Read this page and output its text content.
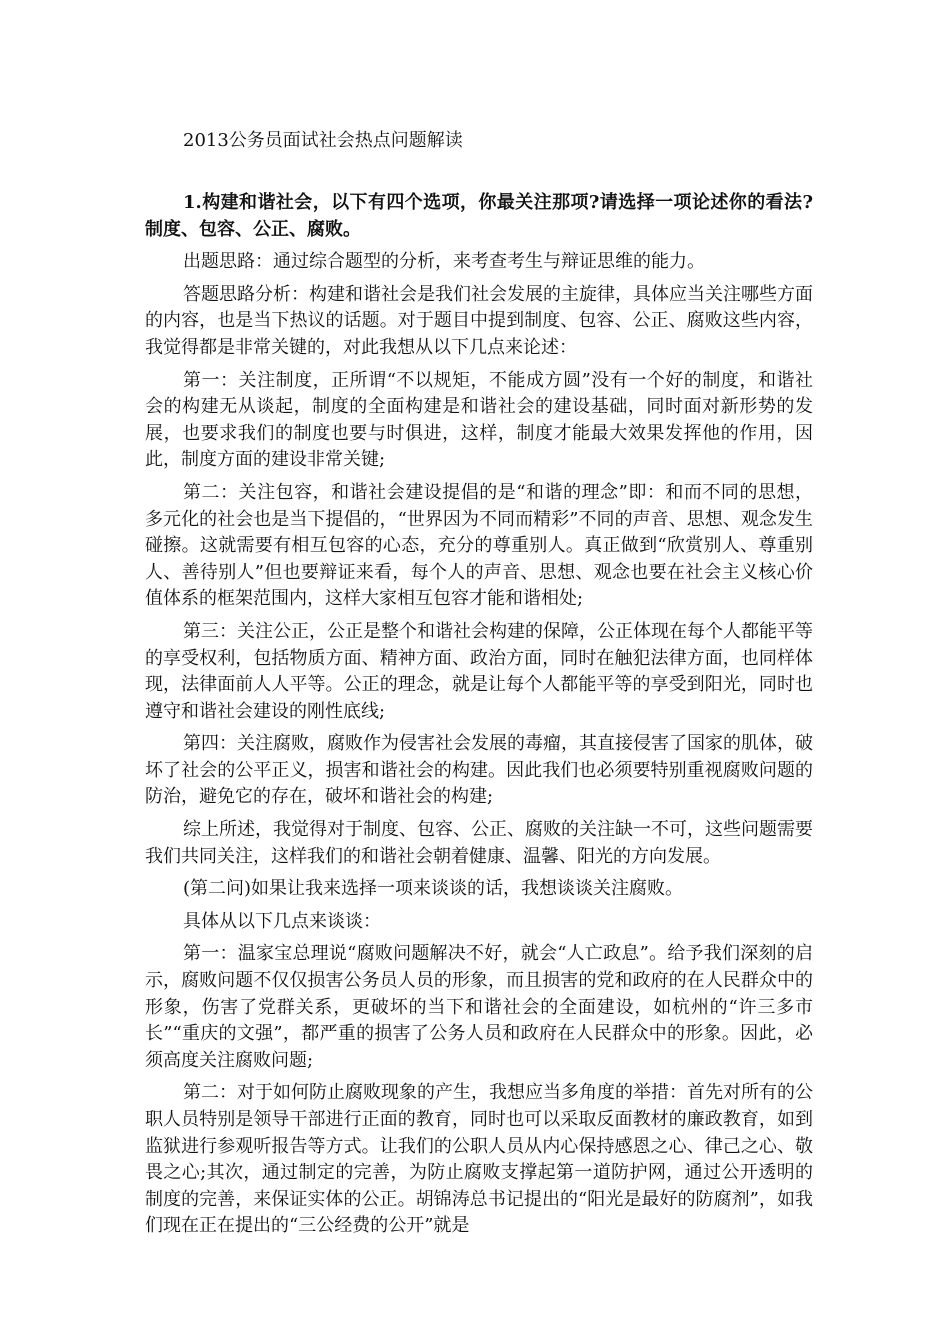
2013公务员面试社会热点问题解读

1.构建和谐社会，以下有四个选项，你最关注那项?请选择一项论述你的看法?制度、包容、公正、腐败。

出题思路：通过综合题型的分析，来考查考生与辩证思维的能力。

答题思路分析：构建和谐社会是我们社会发展的主旋律，具体应当关注哪些方面的内容，也是当下热议的话题。对于题目中提到制度、包容、公正、腐败这些内容，我觉得都是非常关键的，对此我想从以下几点来论述：

第一：关注制度，正所谓“不以规矩，不能成方圆”没有一个好的制度，和谐社会的构建无从谈起，制度的全面构建是和谐社会的建设基础，同时面对新形势的发展，也要求我们的制度也要与时俱进，这样，制度才能最大效果发挥他的作用，因此，制度方面的建设非常关键;

第二：关注包容，和谐社会建设提倡的是“和谐的理念”即：和而不同的思想，多元化的社会也是当下提倡的，“世界因为不同而精彩”不同的声音、思想、观念发生碰擦。这就需要有相互包容的心态，充分的尊重别人。真正做到“欣赏别人、尊重别人、善待别人”但也要辩证来看，每个人的声音、思想、观念也要在社会主义核心价值体系的框架范围内，这样大家相互包容才能和谐相处;

第三：关注公正，公正是整个和谐社会构建的保障，公正体现在每个人都能平等的享受权利，包括物质方面、精神方面、政治方面，同时在触犯法律方面，也同样体现，法律面前人人平等。公正的理念，就是让每个人都能平等的享受到阳光，同时也遵守和谐社会建设的刚性底线;

第四：关注腐败，腐败作为侵害社会发展的毒瘤，其直接侵害了国家的肌体，破坏了社会的公平正义，损害和谐社会的构建。因此我们也必须要特别重视腐败问题的防治，避免它的存在，破坏和谐社会的构建;

综上所述，我觉得对于制度、包容、公正、腐败的关注缺一不可，这些问题需要我们共同关注，这样我们的和谐社会朝着健康、温馨、阳光的方向发展。

(第二问)如果让我来选择一项来谈谈的话，我想谈谈关注腐败。

具体从以下几点来谈谈：

第一：温家宝总理说“腐败问题解决不好，就会“人亡政息”。给予我们深刻的启示，腐败问题不仅仅损害公务员人员的形象，而且损害的党和政府的在人民群众中的形象，伤害了党群关系，更破坏的当下和谐社会的全面建设，如杭州的“许三多市长”“重庆的文强”，都严重的损害了公务人员和政府在人民群众中的形象。因此，必须高度关注腐败问题;

第二：对于如何防止腐败现象的产生，我想应当多角度的举措：首先对所有的公职人员特别是领导干部进行正面的教育，同时也可以采取反面教材的廉政教育，如到监狱进行参观听报告等方式。让我们的公职人员从内心保持感恩之心、律己之心、敬畏之心;其次，通过制定的完善，为防止腐败支撑起第一道防护网，通过公开透明的制度的完善，来保证实体的公正。胡锦涛总书记提出的“阳光是最好的防腐剂”，如我们现在正在提出的“三公经费的公开”就是
